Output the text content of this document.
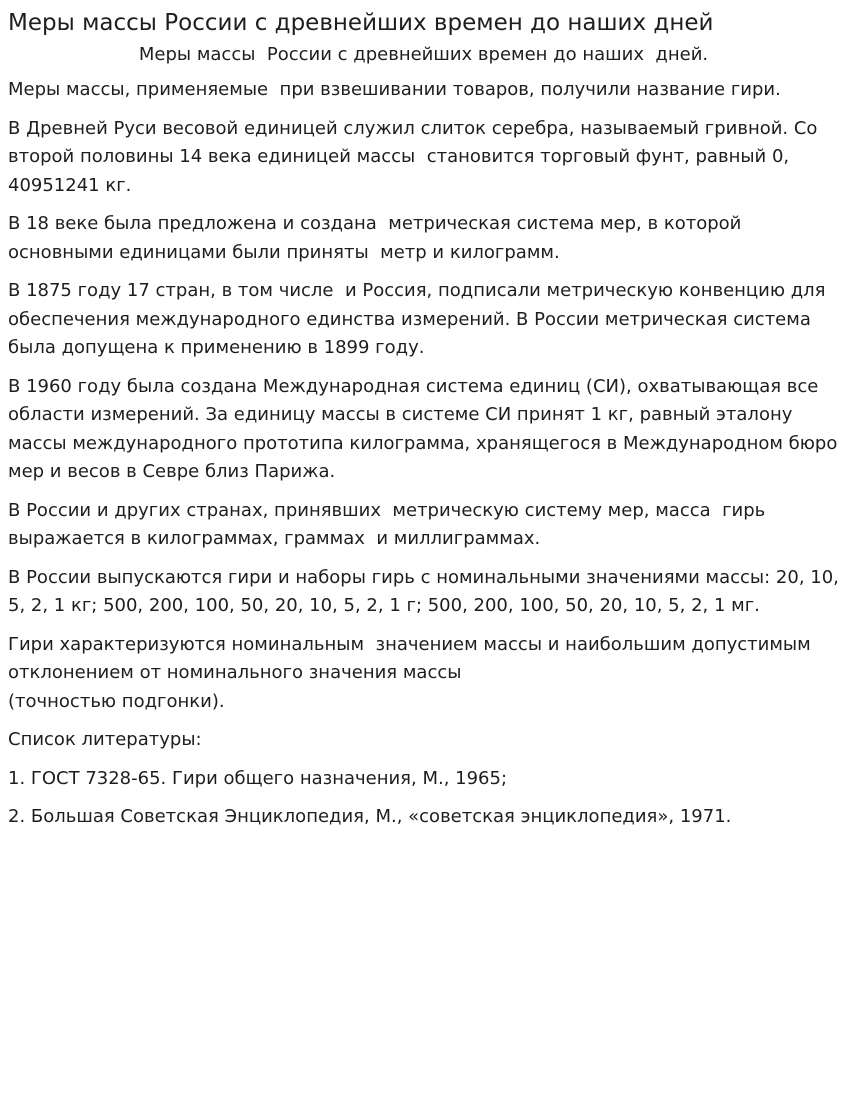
Меры массы России с древнейших времен до наших дней
Меры массы  России с древнейших времен до наших  дней.

Меры массы, применяемые  при взвешивании товаров, получили название гири.

В Древней Руси весовой единицей служил слиток серебра, называемый гривной. Со второй половины 14 века единицей массы  становится торговый фунт, равный 0, 40951241 кг.

В 18 веке была предложена и создана  метрическая система мер, в которой основными единицами были приняты  метр и килограмм.

В 1875 году 17 стран, в том числе  и Россия, подписали метрическую конвенцию для обеспечения международного единства измерений. В России метрическая система была допущена к применению в 1899 году.

В 1960 году была создана Международная система единиц (СИ), охватывающая все области измерений. За единицу массы в системе СИ принят 1 кг, равный эталону массы международного прототипа килограмма, хранящегося в Международном бюро мер и весов в Севре близ Парижа.

В России и других странах, принявших  метрическую систему мер, масса  гирь выражается в килограммах, граммах  и миллиграммах.

В России выпускаются гири и наборы гирь с номинальными значениями массы: 20, 10, 5, 2, 1 кг; 500, 200, 100, 50, 20, 10, 5, 2, 1 г; 500, 200, 100, 50, 20, 10, 5, 2, 1 мг.

Гири характеризуются номинальным  значением массы и наибольшим допустимым отклонением от номинального значения массы
(точностью подгонки).

Список литературы:

1. ГОСТ 7328-65. Гири общего назначения, М., 1965;

2. Большая Советская Энциклопедия, М., «советская энциклопедия», 1971.
